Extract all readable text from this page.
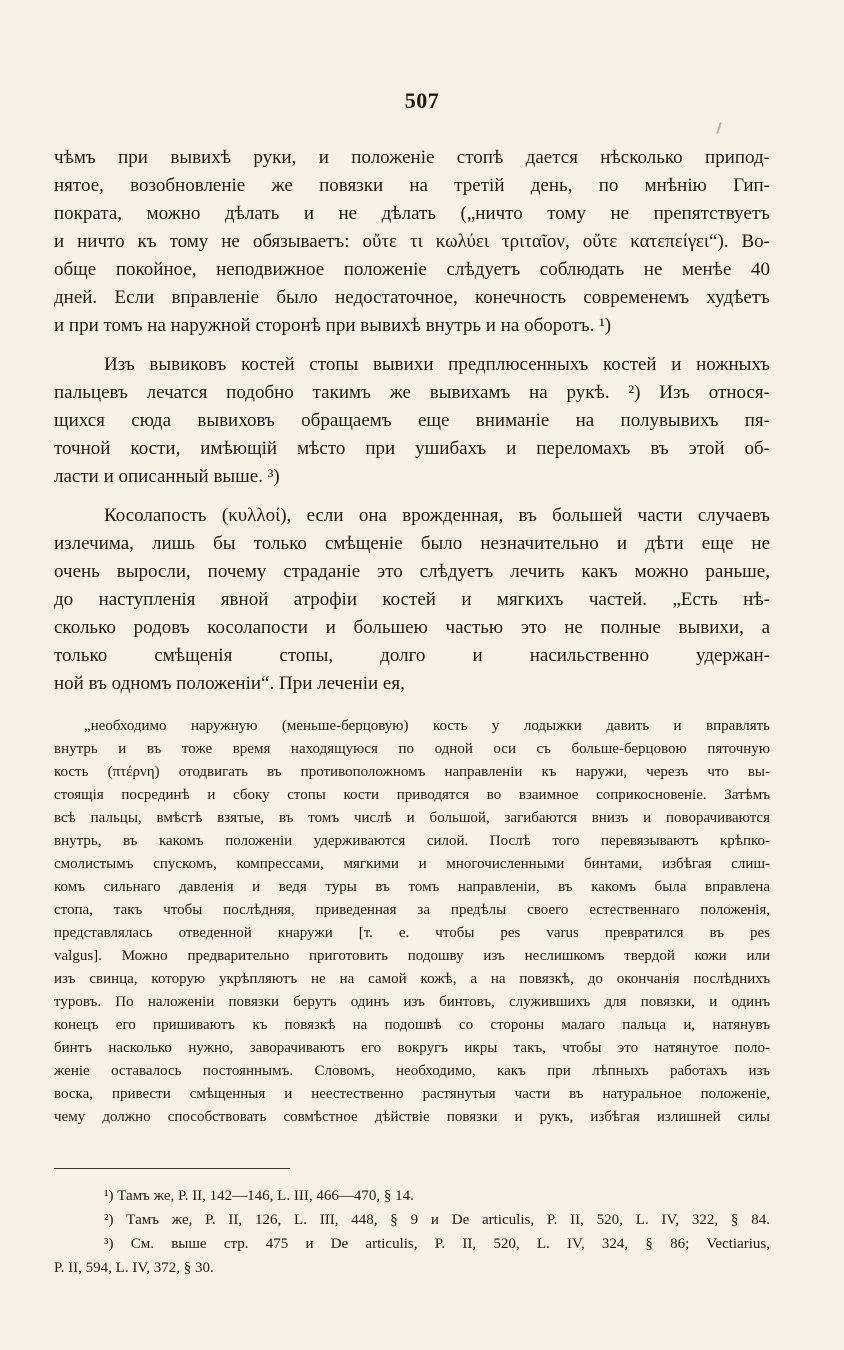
507
чѣмъ при вывихѣ руки, и положеніе стопѣ дается нѣсколько припод-
нятое, возобновленіе же повязки на третій день, по мнѣнію Гип-
пократа, можно дѣлать и не дѣлать („ничто тому не препятствуетъ
и ничто къ тому не обязываетъ: οὔτε τι κωλύει τριταῖον, οὔτε κατεπείγει“). Во-
обще покойное, неподвижное положеніе слѣдуетъ соблюдать не менѣе 40
дней. Если вправленіе было недостаточное, конечность современемъ худѣетъ
и при томъ на наружной сторонѣ при вывихѣ внутрь и на оборотъ. ¹)
Изъ вывиковъ костей стопы вывихи предплюсенныхъ костей и ножныхъ
пальцевъ лечатся подобно такимъ же вывихамъ на рукѣ. ²) Изъ относя-
щихся сюда вывиховъ обращаемъ еще вниманіе на полувывихъ пя-
точной кости, имѣющій мѣсто при ушибахъ и переломахъ въ этой об-
ласти и описанный выше. ³)
Косолапость (κυλλοί), если она врожденная, въ большей части случаевъ
излечима, лишь бы только смѣщеніе было незначительно и дѣти еще не
очень выросли, почему страданіе это слѣдуетъ лечить какъ можно раньше,
до наступленія явной атрофіи костей и мягкихъ частей. „Есть нѣ-
сколько родовъ косолапости и большею частью это не полные вывихи, а
только смѣщенія стопы, долго и насильственно удержан-
ной въ одномъ положеніи“. При леченіи ея,
„необходимо наружную (меньше-берцовую) кость у лодыжки давить и вправлять
внутрь и въ тоже время находящуюся по одной оси съ больше-берцовою пяточную
кость (πτέρνη) отодвигать въ противоположномъ направленіи къ наружи, черезъ что вы-
стоящія посрединѣ и сбоку стопы кости приводятся во взаимное соприкосновеніе. Затѣмъ
всѣ пальцы, вмѣстѣ взятые, въ томъ числѣ и большой, загибаются внизъ и поворачиваются
внутрь, въ какомъ положеніи удерживаются силой. Послѣ того перевязываютъ крѣпко-
смолистымъ спускомъ, компрессами, мягкими и многочисленными бинтами, избѣгая слиш-
комъ сильнаго давленія и ведя туры въ томъ направленіи, въ какомъ была вправлена
стопа, такъ чтобы послѣдняя, приведенная за предѣлы своего естественнаго положенія,
представлялась отведенной кнаружи [т. е. чтобы pes varus превратился въ pes
valgus]. Можно предварительно приготовить подошву изъ неслишкомъ твердой кожи или
изъ свинца, которую укрѣпляютъ не на самой кожѣ, а на повязкѣ, до окончанія послѣднихъ
туровъ. По наложеніи повязки берутъ одинъ изъ бинтовъ, служившихъ для повязки, и одинъ
конецъ его пришиваютъ къ повязкѣ на подошвѣ со стороны малаго пальца и, натянувъ
бинтъ насколько нужно, заворачиваютъ его вокругъ икры такъ, чтобы это натянутое поло-
женіе оставалось постояннымъ. Словомъ, необходимо, какъ при лѣпныхъ работахъ изъ
воска, привести смѣщенныя и неестественно растянутыя части въ натуральное положеніе,
чему должно способствовать совмѣстное дѣйствіе повязки и рукъ, избѣгая излишней силы
¹) Тамъ же, P. II, 142—146, L. III, 466—470, § 14.
²) Тамъ же, P. II, 126, L. III, 448, § 9 и De articulis, P. II, 520, L. IV, 322, § 84.
³) См. выше стр. 475 и De articulis, P. II, 520, L. IV, 324, § 86; Vectiarius,
P. II, 594, L. IV, 372, § 30.
